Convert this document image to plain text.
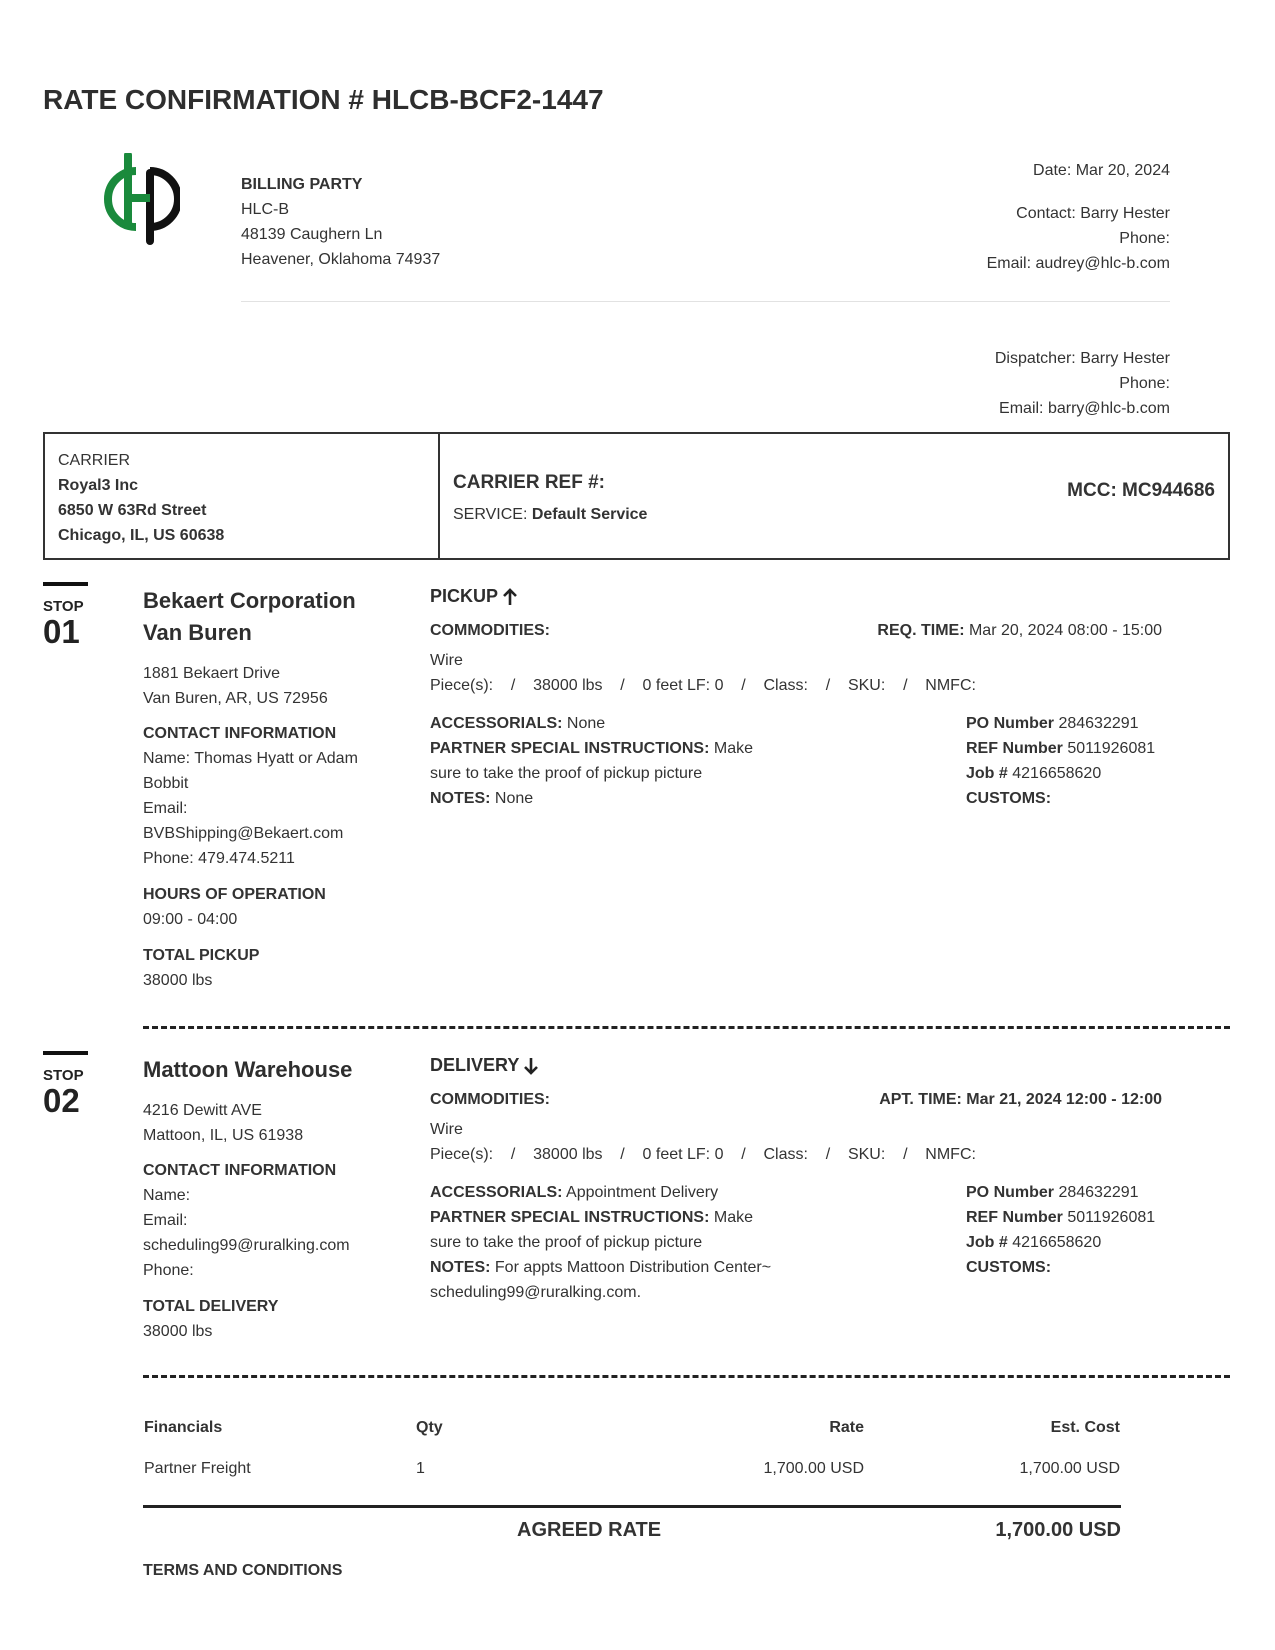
RATE CONFIRMATION # HLCB-BCF2-1447
BILLING PARTY
HLC-B
48139 Caughern Ln
Heavener, Oklahoma 74937
Date: Mar 20, 2024
Contact: Barry Hester
Phone:
Email: audrey@hlc-b.com
Dispatcher: Barry Hester
Phone:
Email: barry@hlc-b.com
CARRIER
Royal3 Inc
6850 W 63Rd Street
Chicago, IL, US 60638
CARRIER REF #:
SERVICE: Default Service
MCC: MC944686
STOP
01
Bekaert Corporation
Van Buren
1881 Bekaert Drive
Van Buren, AR, US 72956
CONTACT INFORMATION
Name: Thomas Hyatt or Adam
Bobbit
Email:
BVBShipping@Bekaert.com
Phone: 479.474.5211
HOURS OF OPERATION
09:00 - 04:00
TOTAL PICKUP
38000 lbs
PICKUP
COMMODITIES:	REQ. TIME: Mar 20, 2024 08:00 - 15:00
Wire
Piece(s):    /    38000 lbs    /    0 feet LF: 0    /    Class:    /    SKU:    /    NMFC:
ACCESSORIALS: None
PARTNER SPECIAL INSTRUCTIONS: Make
sure to take the proof of pickup picture
NOTES: None
PO Number 284632291
REF Number 5011926081
Job # 4216658620
CUSTOMS:
STOP
02
Mattoon Warehouse
4216 Dewitt AVE
Mattoon, IL, US 61938
CONTACT INFORMATION
Name:
Email:
scheduling99@ruralking.com
Phone:
TOTAL DELIVERY
38000 lbs
DELIVERY
COMMODITIES:	APT. TIME: Mar 21, 2024 12:00 - 12:00
Wire
Piece(s):    /    38000 lbs    /    0 feet LF: 0    /    Class:    /    SKU:    /    NMFC:
ACCESSORIALS: Appointment Delivery
PARTNER SPECIAL INSTRUCTIONS: Make
sure to take the proof of pickup picture
NOTES: For appts Mattoon Distribution Center~
scheduling99@ruralking.com.
PO Number 284632291
REF Number 5011926081
Job # 4216658620
CUSTOMS:
Financials	Qty	Rate	Est. Cost
Partner Freight	1	1,700.00 USD	1,700.00 USD
AGREED RATE	1,700.00 USD
TERMS AND CONDITIONS
